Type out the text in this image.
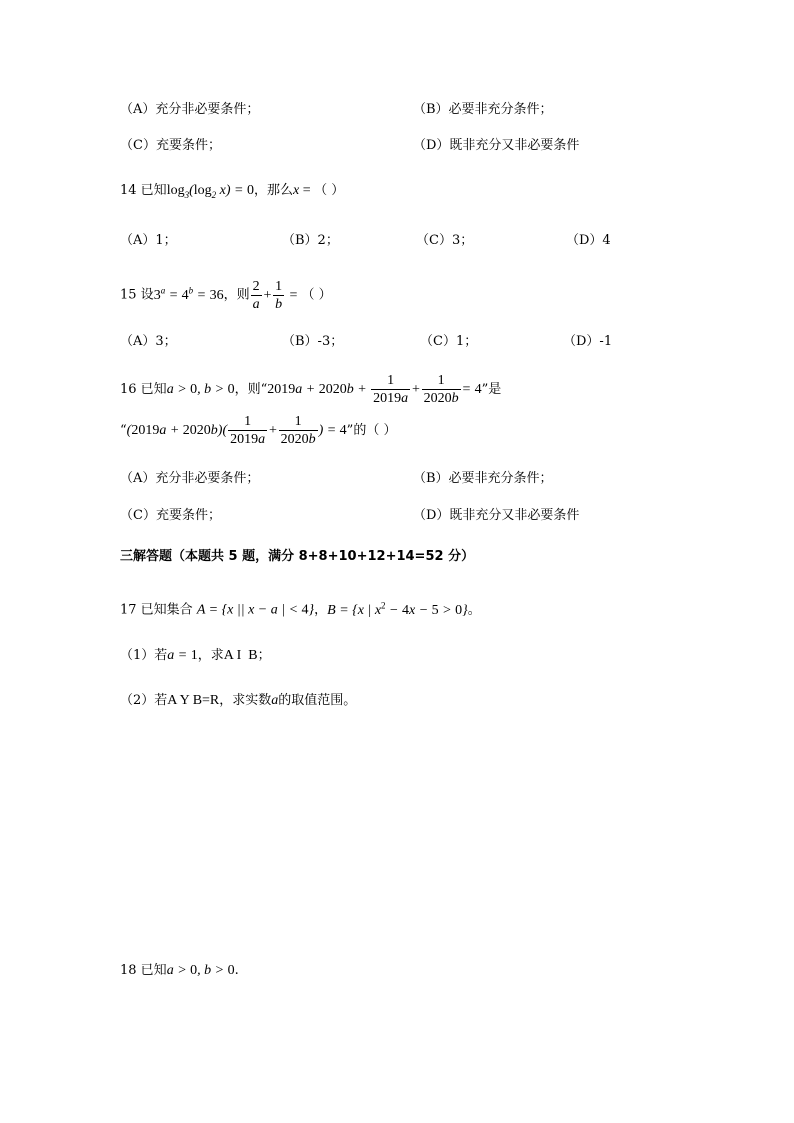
（A）充分非必要条件；	（B）必要非充分条件；
（C）充要条件；	（D）既非充分又非必要条件
14 已知$\log_3(\log_2$ x) = 0，那么x = （ ）
（A）1；	（B）2；	（C）3；	（D）4
15 设$3^a = 4^b = 36$，则 $\frac{2}{a} + \frac{1}{b}$ = （ ）
（A）3；	（B）-3；	（C）1；	（D）-1
16 已知a > 0, b > 0，则“$2019a + 2020b + \frac{1}{2019a} + \frac{1}{2020b} = 4$”是
“$(2019a + 2020b)( \frac{1}{2019a} + \frac{1}{2020b}$ ) = 4”的（ ）
（A）充分非必要条件；	（B）必要非充分条件；
（C）充要条件；	（D）既非充分又非必要条件
三解答题（本题共 5 题，满分 8+8+10+12+14=52 分）
17 已知集合 A = {x || x − a | < 4}，B = {x | $x^2 - 4x - 5 > 0$}。
（1）若a = 1，求A I  B；
（2）若A Y B=R，求实数a的取值范围。
18 已知a > 0, b > 0.
